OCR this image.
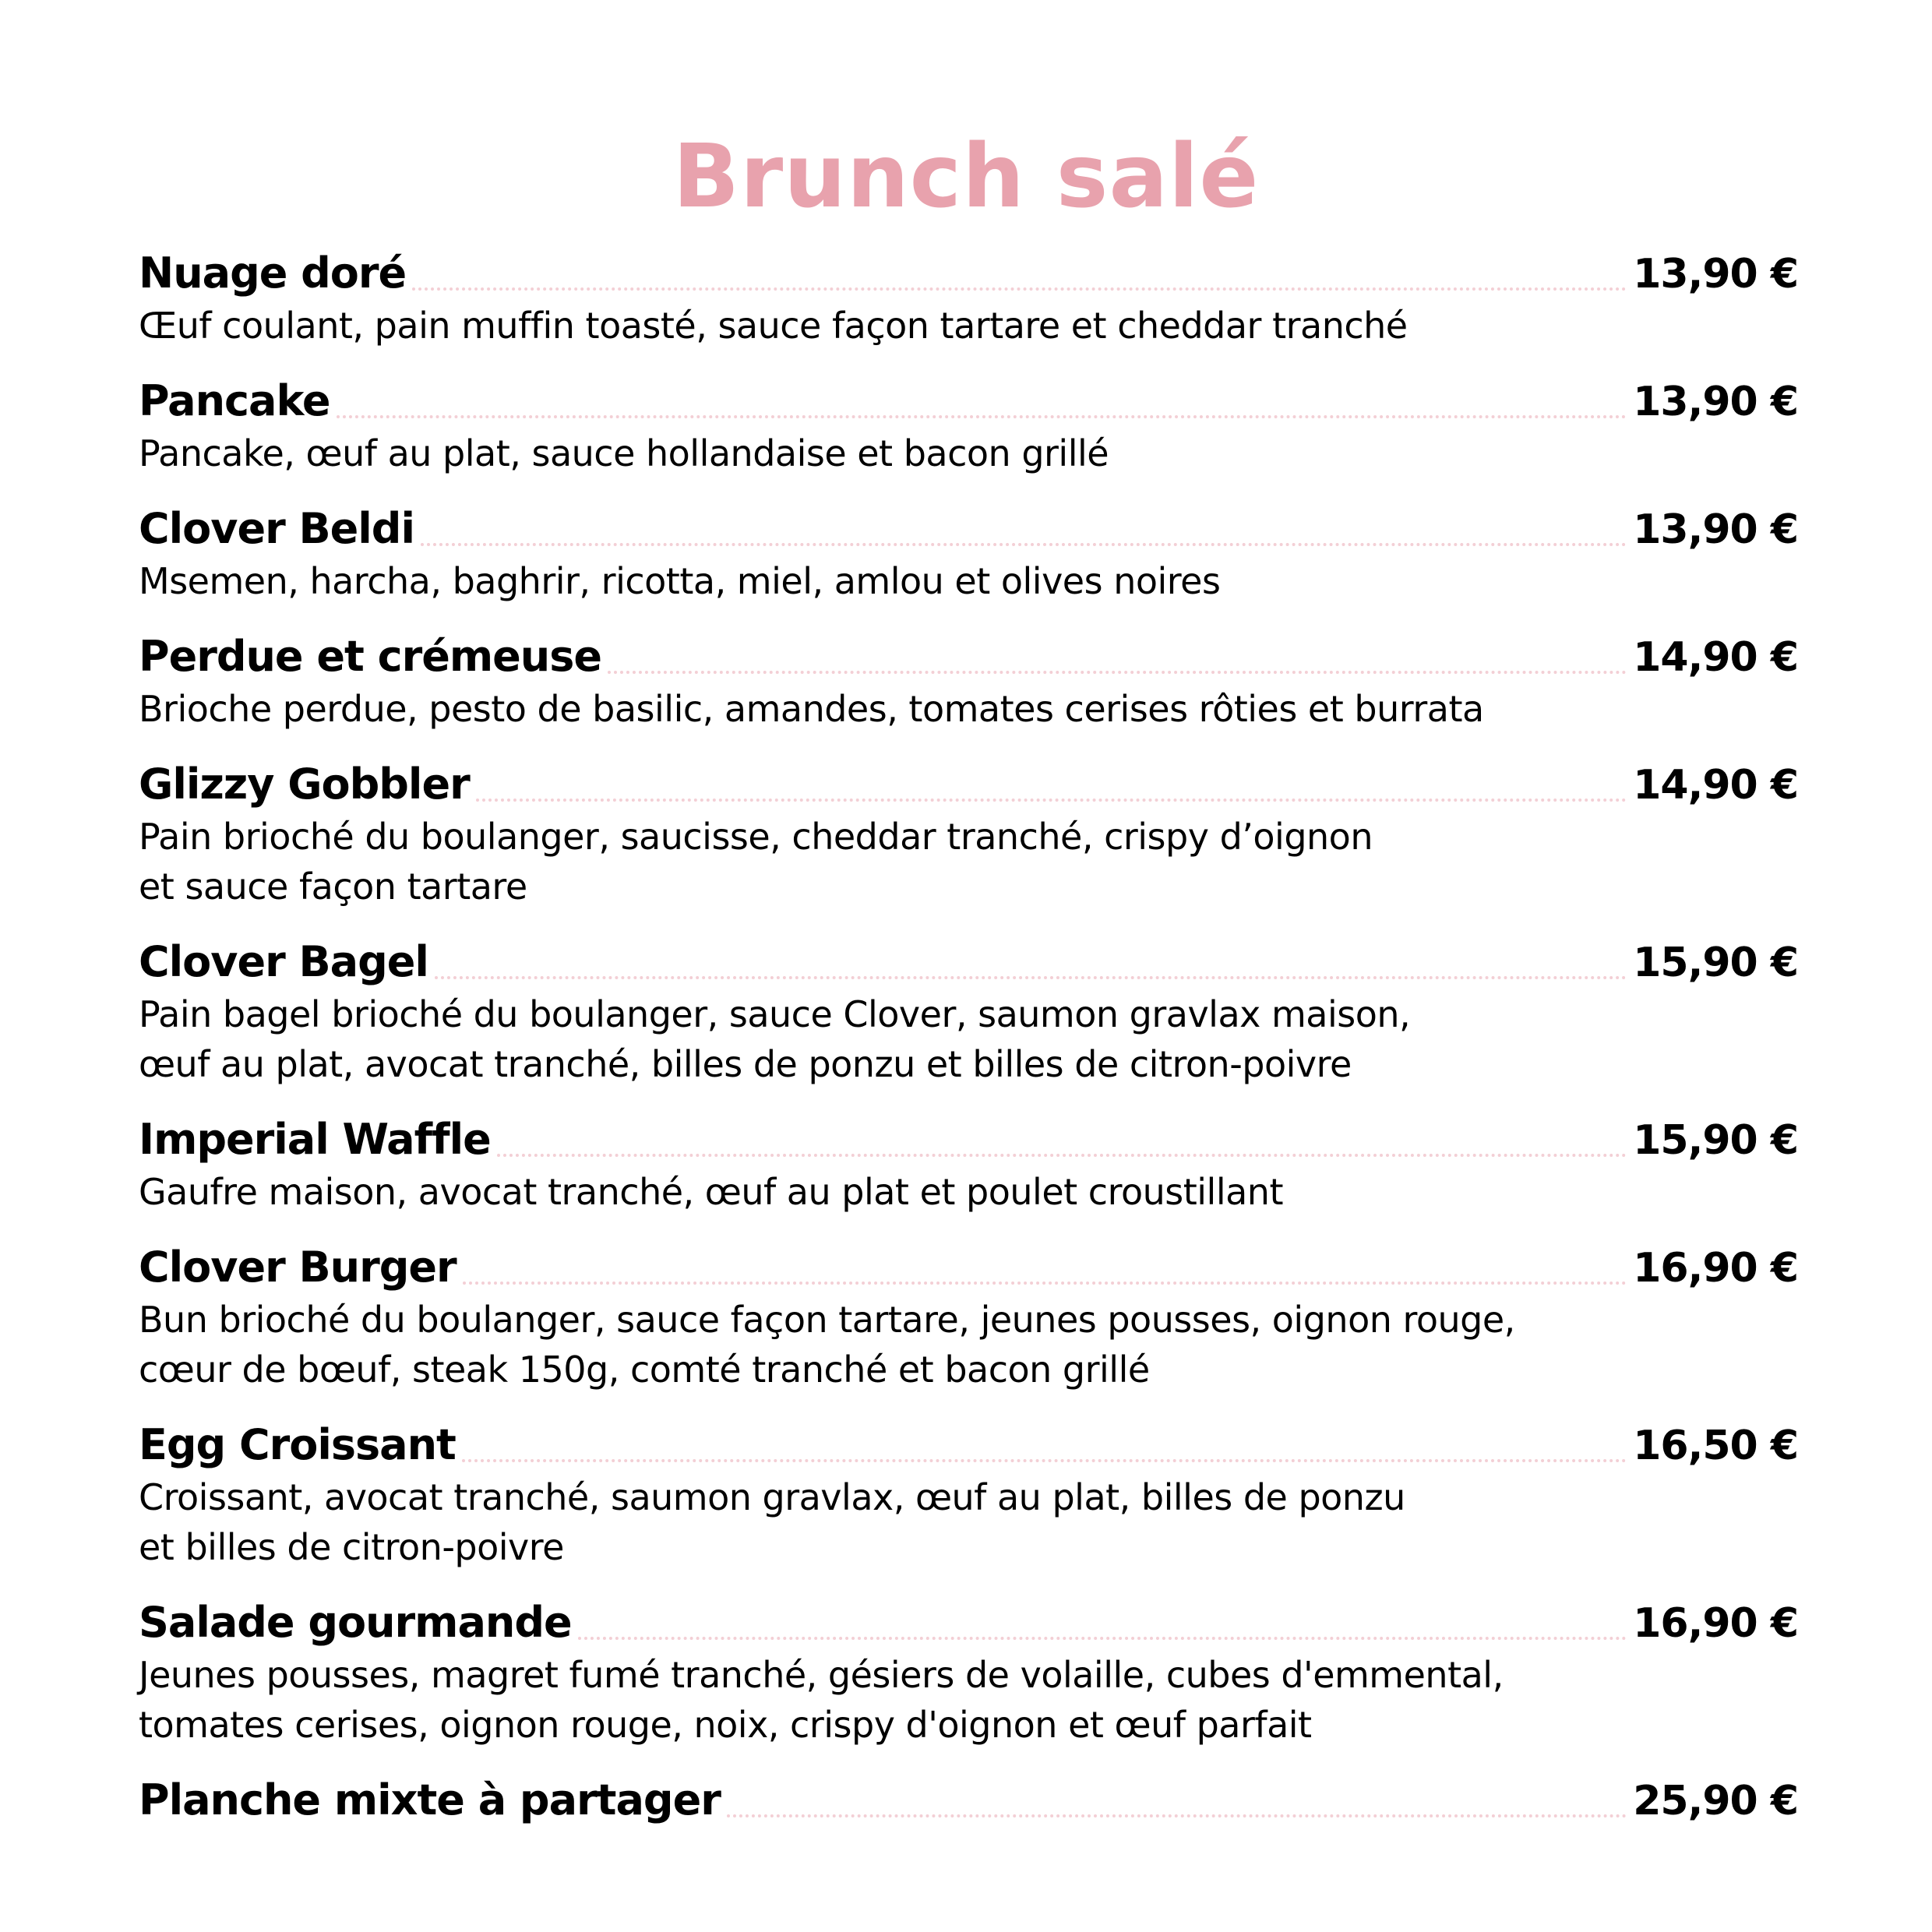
Brunch salé
Nuage doré	13,90 €

Œuf coulant, pain muffin toasté, sauce façon tartare et cheddar tranché

Pancake	13,90 €

Pancake, œuf au plat, sauce hollandaise et bacon grillé

Clover Beldi	13,90 €

Msemen, harcha, baghrir, ricotta, miel, amlou et olives noires

Perdue et crémeuse	14,90 €

Brioche perdue, pesto de basilic, amandes, tomates cerises rôties et burrata

Glizzy Gobbler	14,90 €

Pain brioché du boulanger, saucisse, cheddar tranché, crispy d’oignon
et sauce façon tartare

Clover Bagel	15,90 €

Pain bagel brioché du boulanger, sauce Clover, saumon gravlax maison,
œuf au plat, avocat tranché, billes de ponzu et billes de citron-poivre

Imperial Waffle	15,90 €

Gaufre maison, avocat tranché, œuf au plat et poulet croustillant

Clover Burger	16,90 €

Bun brioché du boulanger, sauce façon tartare, jeunes pousses, oignon rouge,
cœur de bœuf, steak 150g, comté tranché et bacon grillé

Egg Croissant	16,50 €

Croissant, avocat tranché, saumon gravlax, œuf au plat, billes de ponzu
et billes de citron-poivre

Salade gourmande	16,90 €

Jeunes pousses, magret fumé tranché, gésiers de volaille, cubes d'emmental,
tomates cerises, oignon rouge, noix, crispy d'oignon et œuf parfait

Planche mixte à partager	25,90 €
